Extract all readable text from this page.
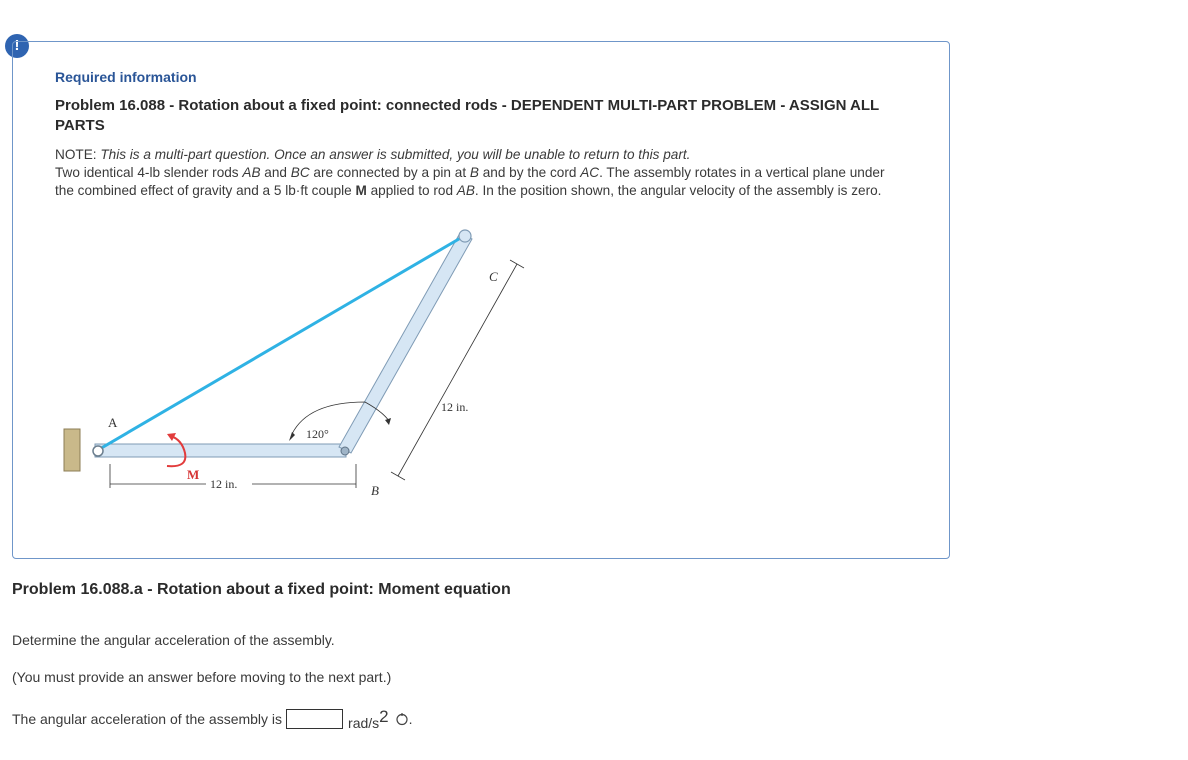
!
Required information
Problem 16.088 - Rotation about a fixed point: connected rods - DEPENDENT MULTI-PART PROBLEM - ASSIGN ALL PARTS
NOTE: This is a multi-part question. Once an answer is submitted, you will be unable to return to this part.
Two identical 4-lb slender rods AB and BC are connected by a pin at B and by the cord AC. The assembly rotates in a vertical plane under the combined effect of gravity and a 5 lb·ft couple M applied to rod AB. In the position shown, the angular velocity of the assembly is zero.
A
B
C
M
120°
12 in.
12 in.
Problem 16.088.a - Rotation about a fixed point: Moment equation
Determine the angular acceleration of the assembly.
(You must provide an answer before moving to the next part.)
The angular acceleration of the assembly is	rad/$s^2$ .
